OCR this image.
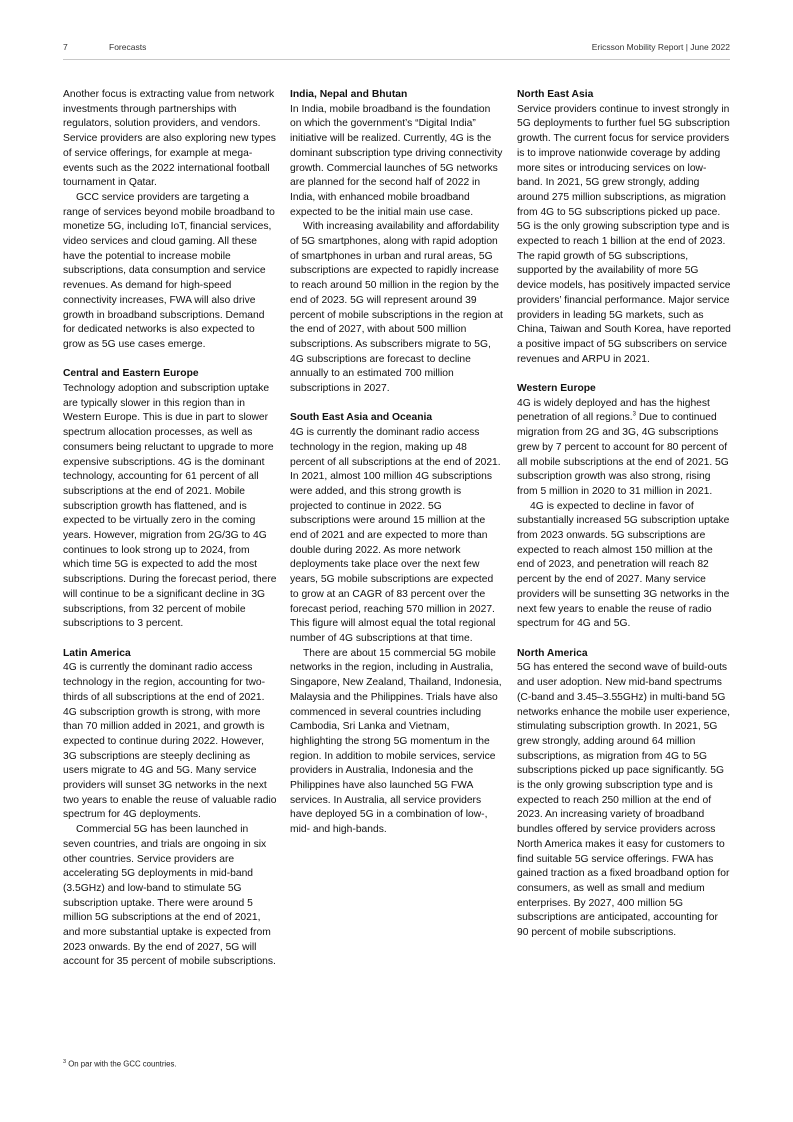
7	Forecasts	Ericsson Mobility Report | June 2022

Another focus is extracting value from network investments through partnerships with regulators, solution providers, and vendors. Service providers are also exploring new types of service offerings, for example at mega-events such as the 2022 international football tournament in Qatar.

GCC service providers are targeting a range of services beyond mobile broadband to monetize 5G, including IoT, financial services, video services and cloud gaming. All these have the potential to increase mobile subscriptions, data consumption and service revenues. As demand for high-speed connectivity increases, FWA will also drive growth in broadband subscriptions. Demand for dedicated networks is also expected to grow as 5G use cases emerge.

Central and Eastern Europe

Technology adoption and subscription uptake are typically slower in this region than in Western Europe. This is due in part to slower spectrum allocation processes, as well as consumers being reluctant to upgrade to more expensive subscriptions. 4G is the dominant technology, accounting for 61 percent of all subscriptions at the end of 2021. Mobile subscription growth has flattened, and is expected to be virtually zero in the coming years. However, migration from 2G/3G to 4G continues to look strong up to 2024, from which time 5G is expected to add the most subscriptions. During the forecast period, there will continue to be a significant decline in 3G subscriptions, from 32 percent of mobile subscriptions to 3 percent.

Latin America

4G is currently the dominant radio access technology in the region, accounting for two-thirds of all subscriptions at the end of 2021. 4G subscription growth is strong, with more than 70 million added in 2021, and growth is expected to continue during 2022. However, 3G subscriptions are steeply declining as users migrate to 4G and 5G. Many service providers will sunset 3G networks in the next two years to enable the reuse of valuable radio spectrum for 4G deployments.

Commercial 5G has been launched in seven countries, and trials are ongoing in six other countries. Service providers are accelerating 5G deployments in mid-band (3.5GHz) and low-band to stimulate 5G subscription uptake. There were around 5 million 5G subscriptions at the end of 2021, and more substantial uptake is expected from 2023 onwards. By the end of 2027, 5G will account for 35 percent of mobile subscriptions.

India, Nepal and Bhutan

In India, mobile broadband is the foundation on which the government’s “Digital India” initiative will be realized. Currently, 4G is the dominant subscription type driving connectivity growth. Commercial launches of 5G networks are planned for the second half of 2022 in India, with enhanced mobile broadband expected to be the initial main use case.

With increasing availability and affordability of 5G smartphones, along with rapid adoption of smartphones in urban and rural areas, 5G subscriptions are expected to rapidly increase to reach around 50 million in the region by the end of 2023. 5G will represent around 39 percent of mobile subscriptions in the region at the end of 2027, with about 500 million subscriptions. As subscribers migrate to 5G, 4G subscriptions are forecast to decline annually to an estimated 700 million subscriptions in 2027.

South East Asia and Oceania

4G is currently the dominant radio access technology in the region, making up 48 percent of all subscriptions at the end of 2021. In 2021, almost 100 million 4G subscriptions were added, and this strong growth is projected to continue in 2022. 5G subscriptions were around 15 million at the end of 2021 and are expected to more than double during 2022. As more network deployments take place over the next few years, 5G mobile subscriptions are expected to grow at an CAGR of 83 percent over the forecast period, reaching 570 million in 2027. This figure will almost equal the total regional number of 4G subscriptions at that time.

There are about 15 commercial 5G mobile networks in the region, including in Australia, Singapore, New Zealand, Thailand, Indonesia, Malaysia and the Philippines. Trials have also commenced in several countries including Cambodia, Sri Lanka and Vietnam, highlighting the strong 5G momentum in the region. In addition to mobile services, service providers in Australia, Indonesia and the Philippines have also launched 5G FWA services. In Australia, all service providers have deployed 5G in a combination of low-, mid- and high-bands.

North East Asia

Service providers continue to invest strongly in 5G deployments to further fuel 5G subscription growth. The current focus for service providers is to improve nationwide coverage by adding more sites or introducing services on low-band. In 2021, 5G grew strongly, adding around 275 million subscriptions, as migration from 4G to 5G subscriptions picked up pace. 5G is the only growing subscription type and is expected to reach 1 billion at the end of 2023. The rapid growth of 5G subscriptions, supported by the availability of more 5G device models, has positively impacted service providers’ financial performance. Major service providers in leading 5G markets, such as China, Taiwan and South Korea, have reported a positive impact of 5G subscribers on service revenues and ARPU in 2021.

Western Europe

4G is widely deployed and has the highest penetration of all regions.$^3$ Due to continued migration from 2G and 3G, 4G subscriptions grew by 7 percent to account for 80 percent of all mobile subscriptions at the end of 2021. 5G subscription growth was also strong, rising from 5 million in 2020 to 31 million in 2021.

4G is expected to decline in favor of substantially increased 5G subscription uptake from 2023 onwards. 5G subscriptions are expected to reach almost 150 million at the end of 2023, and penetration will reach 82 percent by the end of 2027. Many service providers will be sunsetting 3G networks in the next few years to enable the reuse of radio spectrum for 4G and 5G.

North America

5G has entered the second wave of build-outs and user adoption. New mid-band spectrums (C-band and 3.45–3.55GHz) in multi-band 5G networks enhance the mobile user experience, stimulating subscription growth. In 2021, 5G grew strongly, adding around 64 million subscriptions, as migration from 4G to 5G subscriptions picked up pace significantly. 5G is the only growing subscription type and is expected to reach 250 million at the end of 2023. An increasing variety of broadband bundles offered by service providers across North America makes it easy for customers to find suitable 5G service offerings. FWA has gained traction as a fixed broadband option for consumers, as well as small and medium enterprises. By 2027, 400 million 5G subscriptions are anticipated, accounting for 90 percent of mobile subscriptions.

$^3$ On par with the GCC countries.
